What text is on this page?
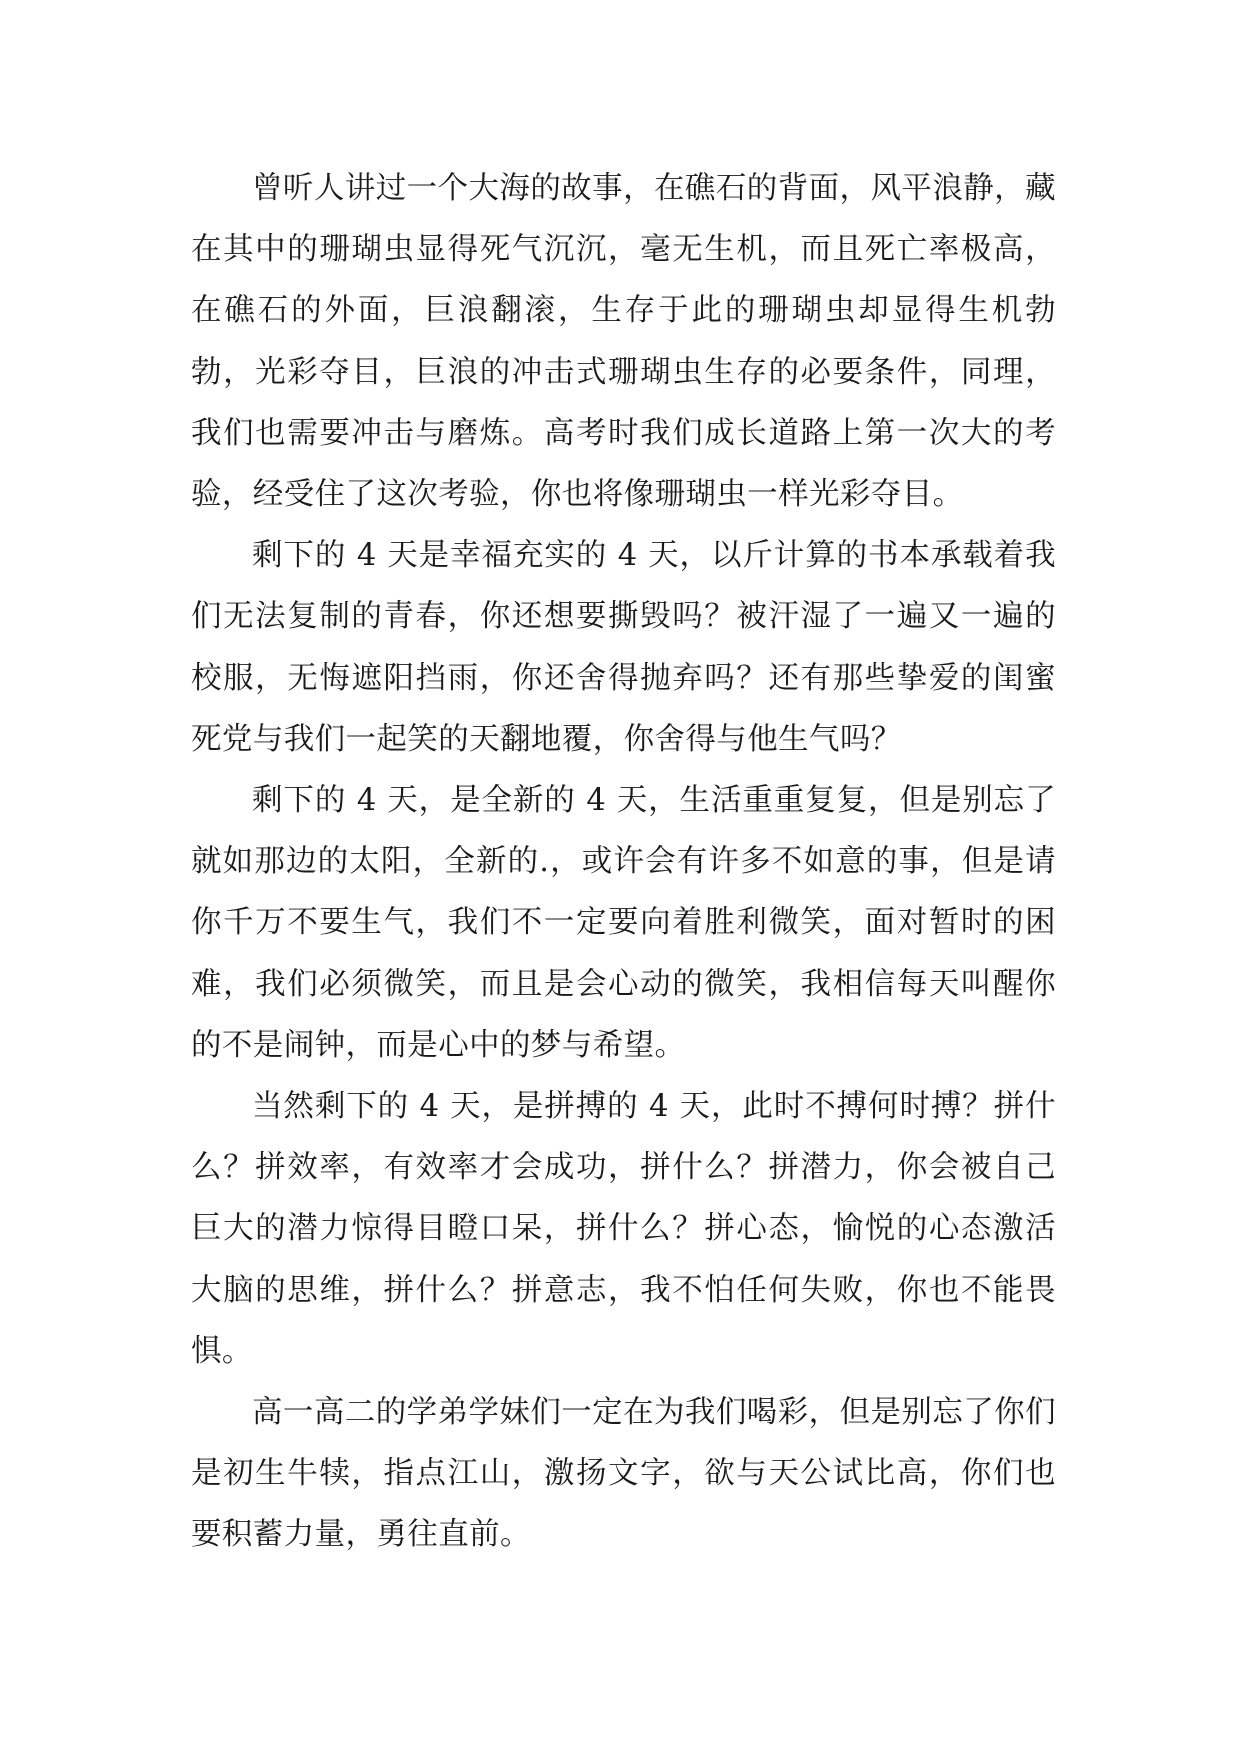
曾听人讲过一个大海的故事，在礁石的背面，风平浪静，藏在其中的珊瑚虫显得死气沉沉，毫无生机，而且死亡率极高，在礁石的外面，巨浪翻滚，生存于此的珊瑚虫却显得生机勃勃，光彩夺目，巨浪的冲击式珊瑚虫生存的必要条件，同理，我们也需要冲击与磨炼。高考时我们成长道路上第一次大的考验，经受住了这次考验，你也将像珊瑚虫一样光彩夺目。

剩下的 4 天是幸福充实的 4 天，以斤计算的书本承载着我们无法复制的青春，你还想要撕毁吗？被汗湿了一遍又一遍的校服，无悔遮阳挡雨，你还舍得抛弃吗？还有那些挚爱的闺蜜死党与我们一起笑的天翻地覆，你舍得与他生气吗？

剩下的 4 天，是全新的 4 天，生活重重复复，但是别忘了就如那边的太阳，全新的.，或许会有许多不如意的事，但是请你千万不要生气，我们不一定要向着胜利微笑，面对暂时的困难，我们必须微笑，而且是会心动的微笑，我相信每天叫醒你的不是闹钟，而是心中的梦与希望。

当然剩下的 4 天，是拼搏的 4 天，此时不搏何时搏？拼什么？拼效率，有效率才会成功，拼什么？拼潜力，你会被自己巨大的潜力惊得目瞪口呆，拼什么？拼心态，愉悦的心态激活大脑的思维，拼什么？拼意志，我不怕任何失败，你也不能畏惧。

高一高二的学弟学妹们一定在为我们喝彩，但是别忘了你们是初生牛犊，指点江山，激扬文字，欲与天公试比高，你们也要积蓄力量，勇往直前。
